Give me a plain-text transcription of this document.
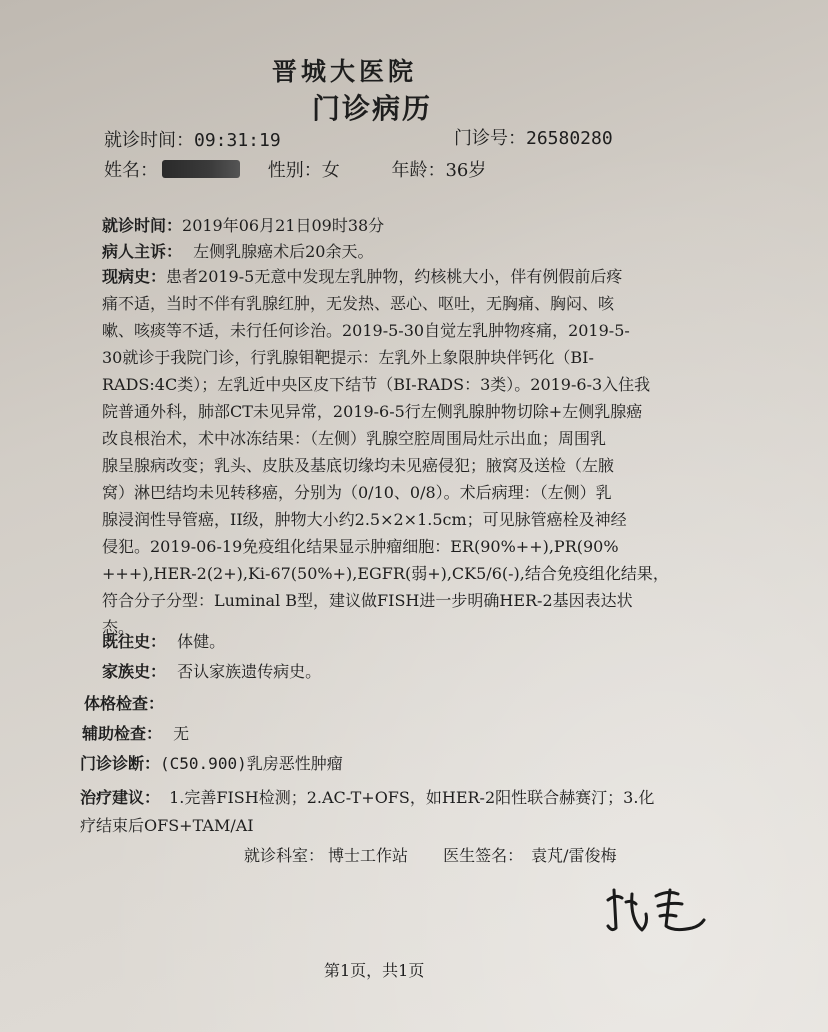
晋城大医院
门诊病历
就诊时间：09:31:19	门诊号：26580280
姓名：	性别：女	年龄：36岁
就诊时间：2019年06月21日09时38分
病人主诉： 左侧乳腺癌术后20余天。
现病史：患者2019-5无意中发现左乳肿物，约核桃大小，伴有例假前后疼
痛不适，当时不伴有乳腺红肿，无发热、恶心、呕吐，无胸痛、胸闷、咳
嗽、咳痰等不适，未行任何诊治。2019-5-30自觉左乳肿物疼痛，2019-5-
30就诊于我院门诊，行乳腺钼靶提示：左乳外上象限肿块伴钙化（BI-
RADS:4C类）；左乳近中央区皮下结节（BI-RADS：3类）。2019-6-3入住我
院普通外科，肺部CT未见异常，2019-6-5行左侧乳腺肿物切除+左侧乳腺癌
改良根治术，术中冰冻结果：（左侧）乳腺空腔周围局灶示出血；周围乳
腺呈腺病改变；乳头、皮肤及基底切缘均未见癌侵犯；腋窝及送检（左腋
窝）淋巴结均未见转移癌，分别为（0/10、0/8）。术后病理：（左侧）乳
腺浸润性导管癌，II级，肿物大小约2.5×2×1.5cm；可见脉管癌栓及神经
侵犯。2019-06-19免疫组化结果显示肿瘤细胞：ER(90%++),PR(90%
+++),HER-2(2+),Ki-67(50%+),EGFR(弱+),CK5/6(-),结合免疫组化结果，
符合分子分型：Luminal B型，建议做FISH进一步明确HER-2基因表达状
态。
既往史： 体健。
家族史： 否认家族遗传病史。
体格检查：
辅助检查： 无
门诊诊断：(C50.900)乳房恶性肿瘤
治疗建议： 1.完善FISH检测；2.AC-T+OFS，如HER-2阳性联合赫赛汀；3.化
疗结束后OFS+TAM/AI
就诊科室： 博士工作站 医生签名： 袁芃/雷俊梅
第1页，共1页
